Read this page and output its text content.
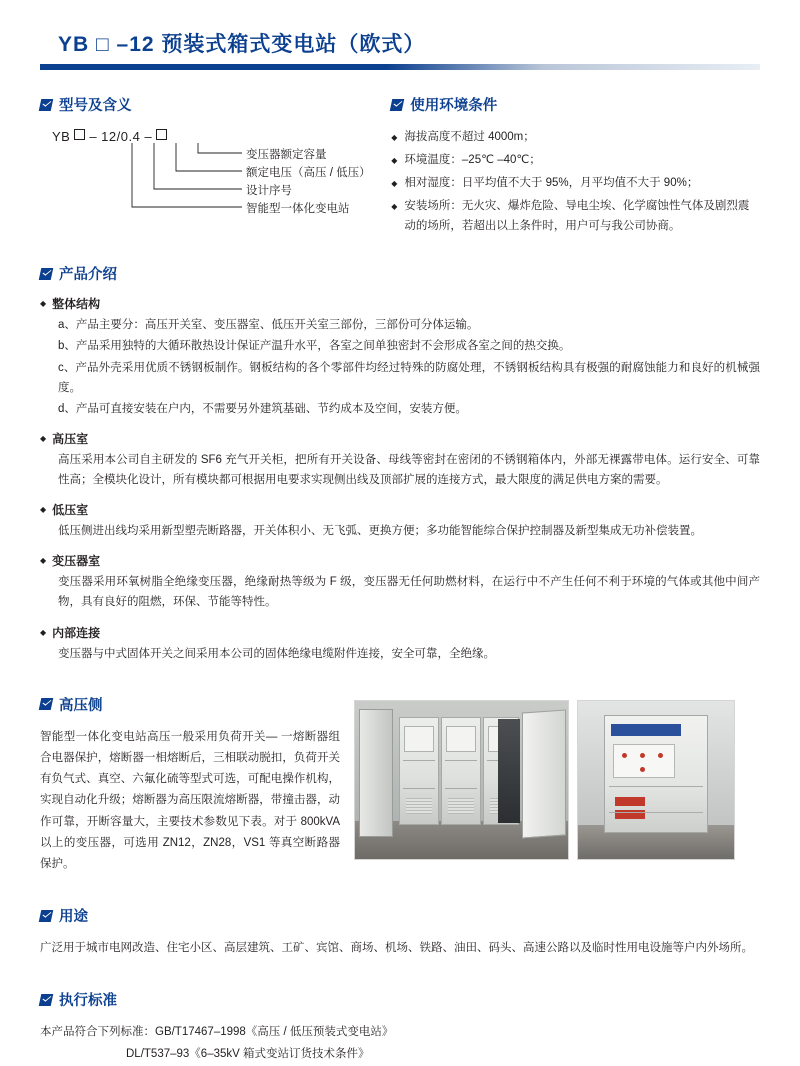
YB □ –12 预装式箱式变电站（欧式）
型号及含义
YB – 12/0.4 –
变压器额定容量
额定电压（高压 / 低压）
设计序号
智能型一体化变电站
使用环境条件
◆ 海拔高度不超过 4000m；
◆ 环境温度：–25℃ –40℃；
◆ 相对湿度：日平均值不大于 95%，月平均值不大于 90%；
◆ 安装场所：无火灾、爆炸危险、导电尘埃、化学腐蚀性气体及剧烈震动的场所，若超出以上条件时，用户可与我公司协商。
产品介绍
◆ 整体结构
a、产品主要分：高压开关室、变压器室、低压开关室三部份，三部份可分体运输。
b、产品采用独特的大循环散热设计保证产温升水平，各室之间单独密封不会形成各室之间的热交换。
c、产品外壳采用优质不锈钢板制作。钢板结构的各个零部件均经过特殊的防腐处理，不锈钢板结构具有极强的耐腐蚀能力和良好的机械强度。
d、产品可直接安装在户内，不需要另外建筑基础、节约成本及空间，安装方便。
◆ 高压室
高压采用本公司自主研发的 SF6 充气开关柜，把所有开关设备、母线等密封在密闭的不锈钢箱体内，外部无裸露带电体。运行安全、可靠性高；全模块化设计，所有模块都可根据用电要求实现侧出线及顶部扩展的连接方式，最大限度的满足供电方案的需要。
◆ 低压室
低压侧进出线均采用新型塑壳断路器，开关体积小、无飞弧、更换方便；多功能智能综合保护控制器及新型集成无功补偿装置。
◆ 变压器室
变压器采用环氧树脂全绝缘变压器，绝缘耐热等级为 F 级，变压器无任何助燃材料，在运行中不产生任何不利于环境的气体或其他中间产物，具有良好的阻燃，环保、节能等特性。
◆ 内部连接
变压器与中式固体开关之间采用本公司的固体绝缘电缆附件连接，安全可靠，全绝缘。
高压侧
智能型一体化变电站高压一般采用负荷开关— 一熔断器组合电器保护，熔断器一相熔断后，三相联动脱扣，负荷开关有负气式、真空、六氟化硫等型式可选，可配电操作机构，实现自动化升级；熔断器为高压限流熔断器，带撞击器，动作可靠，开断容量大，主要技术参数见下表。对于 800kVA 以上的变压器，可选用 ZN12，ZN28，VS1 等真空断路器保护。
用途
广泛用于城市电网改造、住宅小区、高层建筑、工矿、宾馆、商场、机场、铁路、油田、码头、高速公路以及临时性用电设施等户内外场所。
执行标准
本产品符合下列标准：GB/T17467–1998《高压 / 低压预装式变电站》
DL/T537–93《6–35kV 箱式变站订货技术条件》
